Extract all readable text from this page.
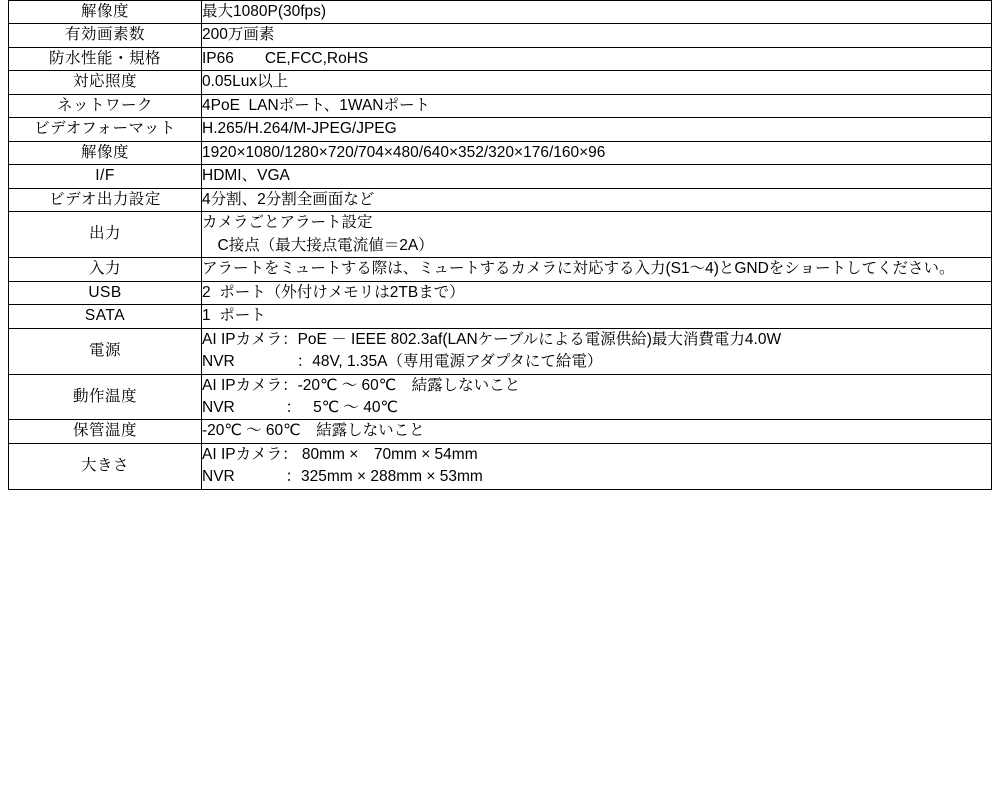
解像度	最大1080P(30fps)

有効画素数	200万画素

防水性能・規格	IP66　　CE,FCC,RoHS

対応照度	0.05Lux以上

ネットワーク	4PoE  LANポート、1WANポート

ビデオフォーマット	H.265/H.264/M-JPEG/JPEG

解像度	1920×1080/1280×720/704×480/640×352/320×176/160×96

I/F	HDMI、VGA

ビデオ出力設定	4分割、2分割全画面など

出力	カメラごとアラート設定
　C接点（最大接点電流値＝2A）

入力	アラートをミュートする際は、ミュートするカメラに対応する入力(S1〜4)とGNDをショートしてください。

USB	2  ポート（外付けメモリは2TBまで）

SATA	1  ポート

電源	AI IPカメラ：PoE － IEEE 802.3af(LANケーブルによる電源供給)最大消費電力4.0W
NVR　　　　：48V, 1.35A（専用電源アダプタにて給電）

動作温度	AI IPカメラ：-20℃ 〜 60℃　結露しないこと
NVR　　　 ：　 5℃ 〜 40℃

保管温度	-20℃ 〜 60℃　結露しないこと

大きさ	AI IPカメラ： 80mm ×　70mm × 54mm
NVR　　　 ：325mm × 288mm × 53mm
